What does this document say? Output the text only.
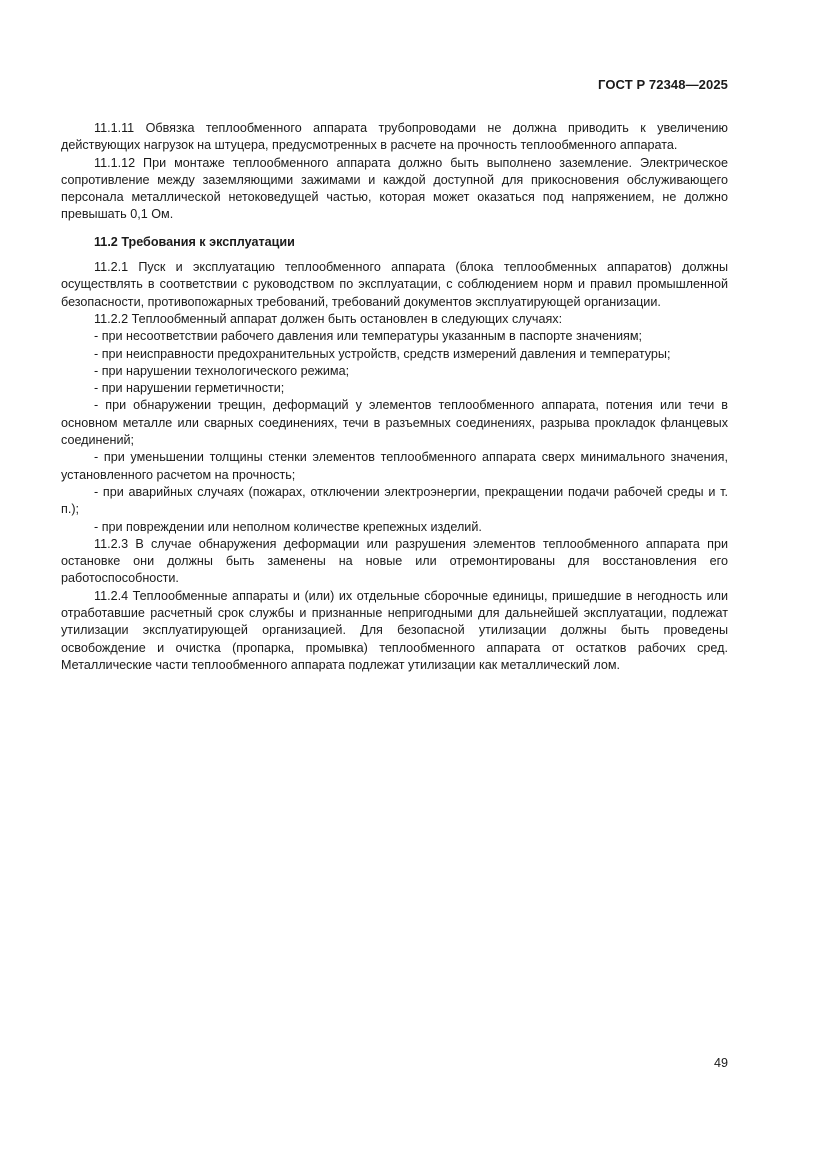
ГОСТ Р 72348—2025

11.1.11 Обвязка теплообменного аппарата трубопроводами не должна приводить к увеличению действующих нагрузок на штуцера, предусмотренных в расчете на прочность теплообменного аппарата.

11.1.12 При монтаже теплообменного аппарата должно быть выполнено заземление. Электрическое сопротивление между заземляющими зажимами и каждой доступной для прикосновения обслуживающего персонала металлической нетоковедущей частью, которая может оказаться под напряжением, не должно превышать 0,1 Ом.

11.2 Требования к эксплуатации

11.2.1 Пуск и эксплуатацию теплообменного аппарата (блока теплообменных аппаратов) должны осуществлять в соответствии с руководством по эксплуатации, с соблюдением норм и правил промышленной безопасности, противопожарных требований, требований документов эксплуатирующей организации.

11.2.2 Теплообменный аппарат должен быть остановлен в следующих случаях:

- при несоответствии рабочего давления или температуры указанным в паспорте значениям;

- при неисправности предохранительных устройств, средств измерений давления и температуры;

- при нарушении технологического режима;

- при нарушении герметичности;

- при обнаружении трещин, деформаций у элементов теплообменного аппарата, потения или течи в основном металле или сварных соединениях, течи в разъемных соединениях, разрыва прокладок фланцевых соединений;

- при уменьшении толщины стенки элементов теплообменного аппарата сверх минимального значения, установленного расчетом на прочность;

- при аварийных случаях (пожарах, отключении электроэнергии, прекращении подачи рабочей среды и т. п.);

- при повреждении или неполном количестве крепежных изделий.

11.2.3 В случае обнаружения деформации или разрушения элементов теплообменного аппарата при остановке они должны быть заменены на новые или отремонтированы для восстановления его работоспособности.

11.2.4 Теплообменные аппараты и (или) их отдельные сборочные единицы, пришедшие в негодность или отработавшие расчетный срок службы и признанные непригодными для дальнейшей эксплуатации, подлежат утилизации эксплуатирующей организацией. Для безопасной утилизации должны быть проведены освобождение и очистка (пропарка, промывка) теплообменного аппарата от остатков рабочих сред. Металлические части теплообменного аппарата подлежат утилизации как металлический лом.

49
